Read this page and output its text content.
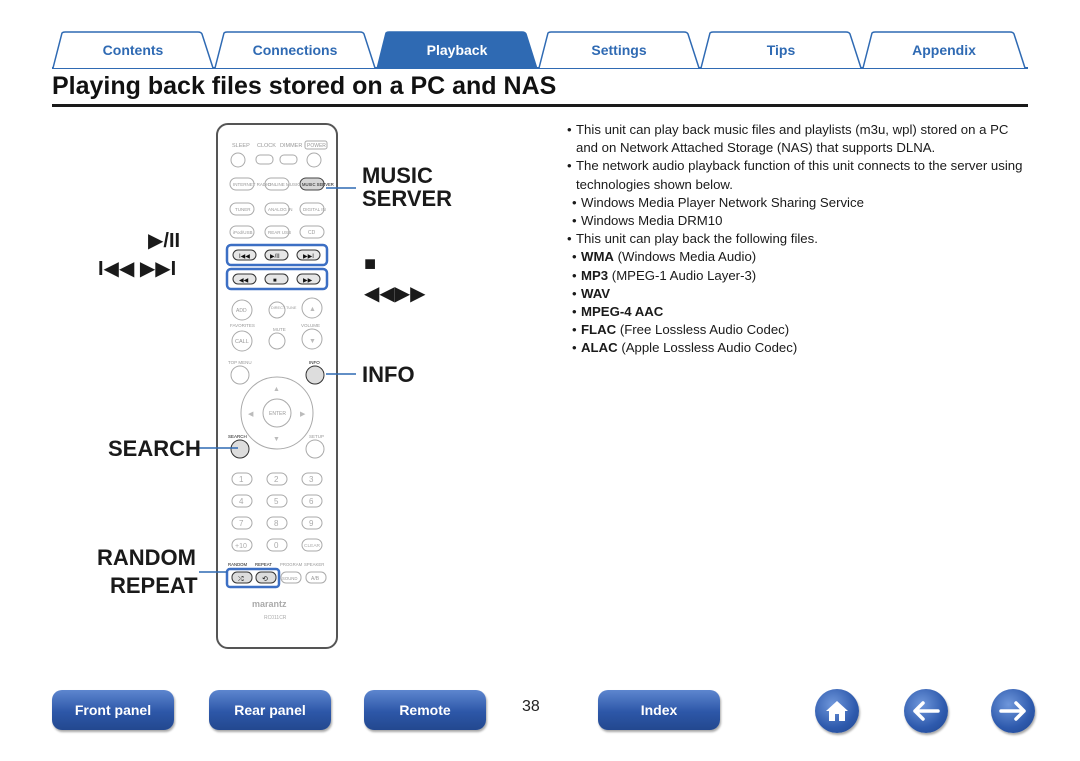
Contents	Connections	Playback	Settings	Tips	Appendix
Playing back files stored on a PC and NAS
SLEEP CLOCK DIMMER POWER
INTERNET RADIO
ONLINE MUSIC MUSIC SERVER
TUNER	ANALOG IN DIGITAL IN
iPod/USB	REAR USB	CD
I◀◀	▶/II	▶▶I
◀◀	■	▶▶
ADD	DIRECT TUNE ▲
FAVORITES
MUTE
VOLUME
CALL	▼
TOP MENU	INFO
ENTER
▲
▼
◀	▶
SEARCH	SETUP
1	2	3
4	5	6
7	8	9
+10	0	CLEAR
RANDOM REPEAT PROGRAM SPEAKER
⤮	⟲	SOUND	A/B
marantz
RC011CR
▶/II
I◀◀ ▶▶I
SEARCH
RANDOM
REPEAT
MUSIC
SERVER
■
◀◀▶▶
INFO
• This unit can play back music files and playlists (m3u, wpl) stored on a PC and on Network Attached Storage (NAS) that supports DLNA.
• The network audio playback function of this unit connects to the server using technologies shown below.
• Windows Media Player Network Sharing Service
• Windows Media DRM10
• This unit can play back the following files.
• WMA (Windows Media Audio)
• MP3 (MPEG-1 Audio Layer-3)
• WAV
• MPEG-4 AAC
• FLAC (Free Lossless Audio Codec)
• ALAC (Apple Lossless Audio Codec)
Front panel	Rear panel	Remote	38	Index
